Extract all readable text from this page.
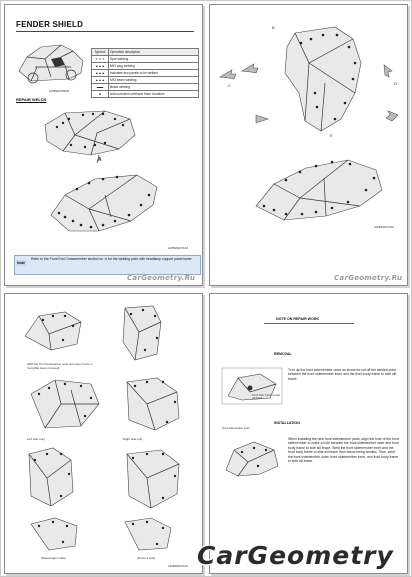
FENDER SHIELD
AWBIA0069ZZ
Symbol	Operation description
✦ ✦ ✦	Spot welding
▲▲▲	MIG plug welding
▲▲▲	Indicates two panels to be welded
▲▲▲	MIG seam welding
▬▬	Braze welding
■	Anti-corrosion urethane foam locations
REPAIR WELDS
A
AWBIA0070ZZ
Note
Refer to the Front End Crossmember section on ➔ for the welding point with headlamp support panel lower.
CarGeometry.Ru
B
C	D
E
AWBIA0071ZZ
CarGeometry.Ru
(With the front fender/apron outer and upper frame in front pillar lower removed)
Left side only	Right side only
(Passenger's side)	(Driver's side)
AWBIA0072ZZ
NOTE ON REPAIR WORK
REMOVAL
Front body frame to side sill brace
Turn up the front sidemember outer as shown to cut off the welded point between the front sidemember inner and the front body frame to side sill brace.
INSTALLATION
Front sidemember outer
When installing the new front sidemember parts, align the hole of the front sidemember to make a hole beneath the front sidemember inner and front body frame to side sill brace. Weld the front sidemember inner and the front body frame to side sill brace from below being welded. Then, weld the front sidemember outer, front sidemember inner, and front body frame to side sill brace.
CarGeometry
